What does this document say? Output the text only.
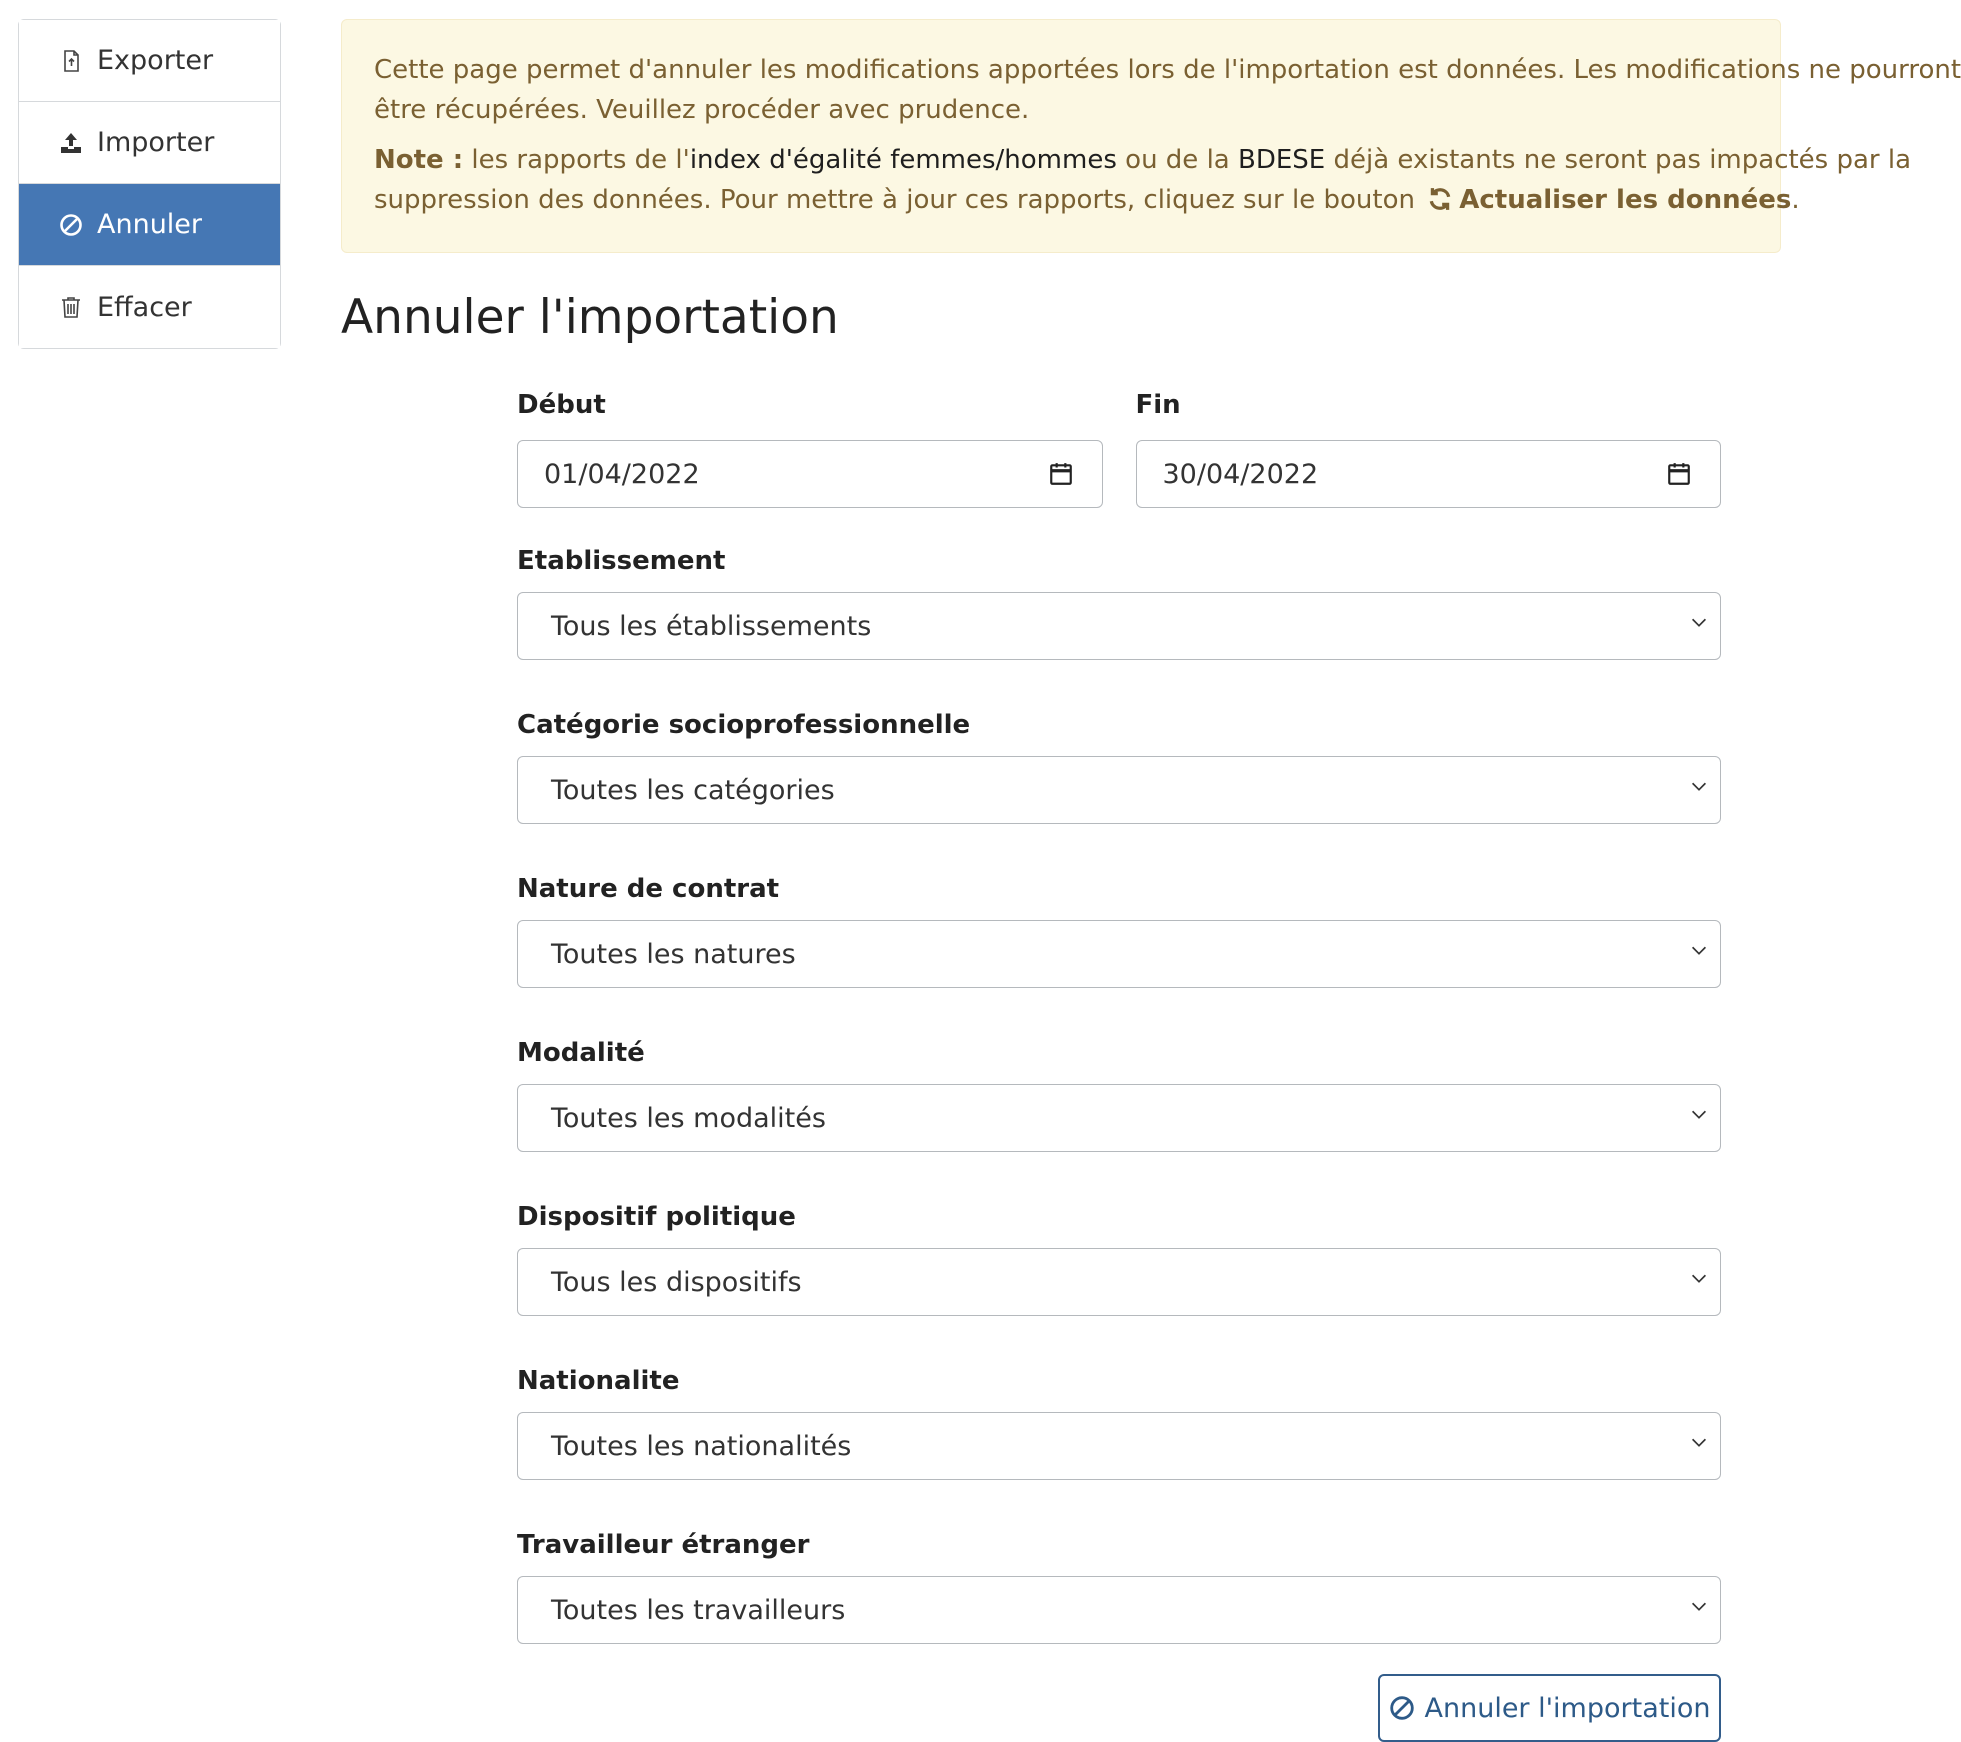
Exporter
Importer
Annuler
Effacer

Cette page permet d'annuler les modifications apportées lors de l'importation est données. Les modifications ne pourront
être récupérées. Veuillez procéder avec prudence.

Note : les rapports de l'index d'égalité femmes/hommes ou de la BDESE déjà existants ne seront pas impactés par la
suppression des données. Pour mettre à jour ces rapports, cliquez sur le bouton Actualiser les données.

Annuler l'importation
Début
01/04/2022
Fin
30/04/2022
Etablissement
Tous les établissements
Catégorie socioprofessionnelle
Toutes les catégories
Nature de contrat
Toutes les natures
Modalité
Toutes les modalités
Dispositif politique
Tous les dispositifs
Nationalite
Toutes les nationalités
Travailleur étranger
Toutes les travailleurs
Annuler l'importation
